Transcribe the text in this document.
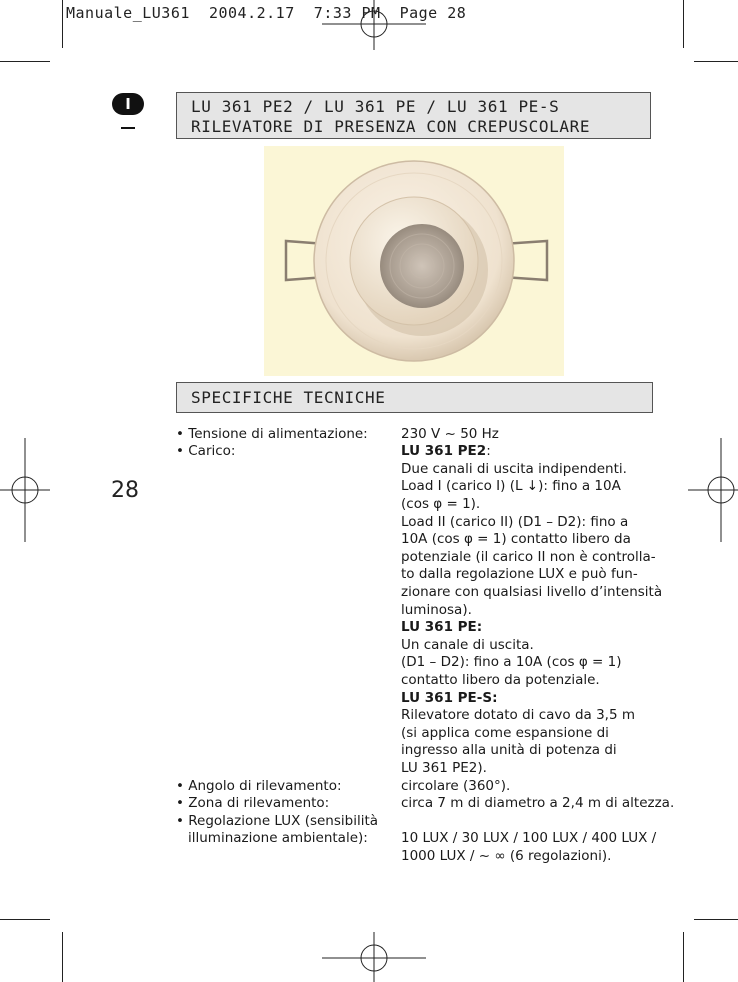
Manuale_LU361  2004.2.17  7:33 PM  Page 28
I
28
LU 361 PE2 / LU 361 PE / LU 361 PE-S
RILEVATORE DI PRESENZA CON CREPUSCOLARE
SPECIFICHE TECNICHE
• Tensione di alimentazione: 230 V ~ 50 Hz
• Carico:	LU 361 PE2:
Due canali di uscita indipendenti.
Load I (carico I) (L ↓): fino a 10A
(cos φ = 1).
Load II (carico II) (D1 – D2): fino a
10A (cos φ = 1) contatto libero da
potenziale (il carico II non è controlla-
to dalla regolazione LUX e può fun-
zionare con qualsiasi livello d’intensità
luminosa).
LU 361 PE:
Un canale di uscita.
(D1 – D2): fino a 10A (cos φ = 1)
contatto libero da potenziale.
LU 361 PE-S:
Rilevatore dotato di cavo da 3,5 m
(si applica come espansione di
ingresso alla unità di potenza di
LU 361 PE2).
• Angolo di rilevamento:	circolare (360°).
• Zona di rilevamento:	circa 7 m di diametro a 2,4 m di altezza.
• Regolazione LUX (sensibilità
illuminazione ambientale): 10 LUX / 30 LUX / 100 LUX / 400 LUX /
1000 LUX / ~ ∞ (6 regolazioni).
